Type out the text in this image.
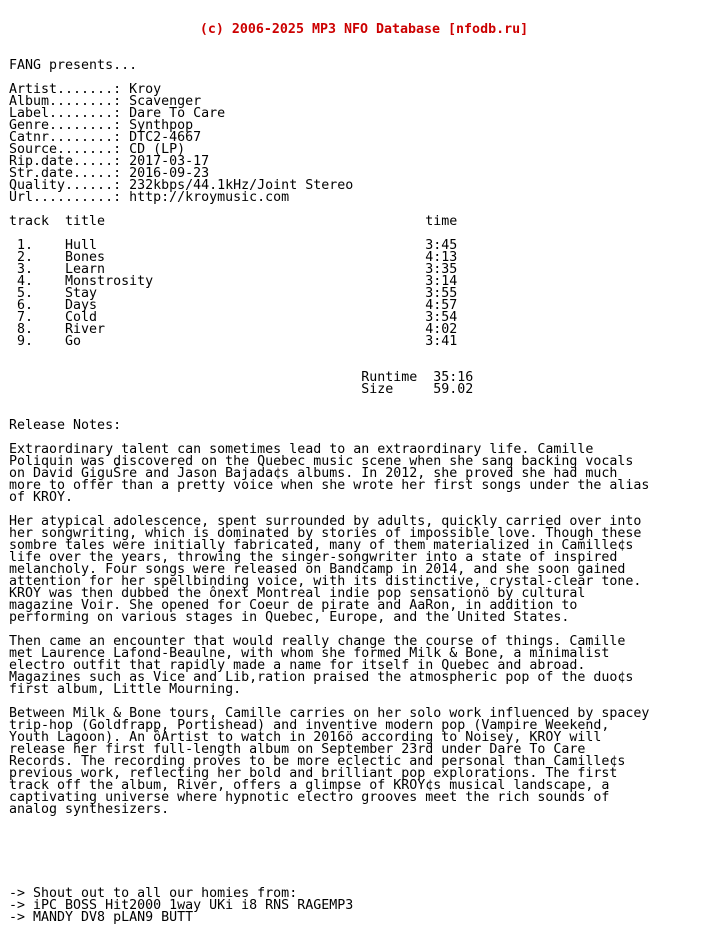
(c) 2006-2025 MP3 NFO Database [nfodb.ru]

FANG presents...

Artist.......: Kroy
Album........: Scavenger
Label........: Dare To Care
Genre........: Synthpop
Catnr........: DTC2-4667
Source.......: CD (LP)
Rip.date.....: 2017-03-17
Str.date.....: 2016-09-23
Quality......: 232kbps/44.1kHz/Joint Stereo
Url..........: http://kroymusic.com

track  title                                        time

1.    Hull                                         3:45
2.    Bones                                        4:13
3.    Learn                                        3:35
4.    Monstrosity                                  3:14
5.    Stay                                         3:55
6.    Days                                         4:57
7.    Cold                                         3:54
8.    River                                        4:02
9.    Go                                           3:41

Runtime  35:16
Size     59.02

Release Notes:

Extraordinary talent can sometimes lead to an extraordinary life. Camille
Poliquin was discovered on the Quebec music scene when she sang backing vocals
on David GiguŠre and Jason Bajada¢s albums. In 2012, she proved she had much
more to offer than a pretty voice when she wrote her first songs under the alias
of KROY.

Her atypical adolescence, spent surrounded by adults, quickly carried over into
her songwriting, which is dominated by stories of impossible love. Though these
sombre tales were initially fabricated, many of them materialized in Camille¢s
life over the years, throwing the singer-songwriter into a state of inspired
melancholy. Four songs were released on Bandcamp in 2014, and she soon gained
attention for her spellbinding voice, with its distinctive, crystal-clear tone.
KROY was then dubbed the ônext Montreal indie pop sensationö by cultural
magazine Voir. She opened for Coeur de pirate and AaRon, in addition to
performing on various stages in Quebec, Europe, and the United States.

Then came an encounter that would really change the course of things. Camille
met Laurence Lafond-Beaulne, with whom she formed Milk & Bone, a minimalist
electro outfit that rapidly made a name for itself in Quebec and abroad.
Magazines such as Vice and Lib‚ration praised the atmospheric pop of the duo¢s
first album, Little Mourning.

Between Milk & Bone tours, Camille carries on her solo work influenced by spacey
trip-hop (Goldfrapp, Portishead) and inventive modern pop (Vampire Weekend,
Youth Lagoon). An ôArtist to watch in 2016ö according to Noisey, KROY will
release her first full-length album on September 23rd under Dare To Care
Records. The recording proves to be more eclectic and personal than Camille¢s
previous work, reflecting her bold and brilliant pop explorations. The first
track off the album, River, offers a glimpse of KROY¢s musical landscape, a
captivating universe where hypnotic electro grooves meet the rich sounds of
analog synthesizers.

-> Shout out to all our homies from:
-> iPC BOSS Hit2000 1way UKi i8 RNS RAGEMP3
-> MANDY DV8 pLAN9 BUTT
